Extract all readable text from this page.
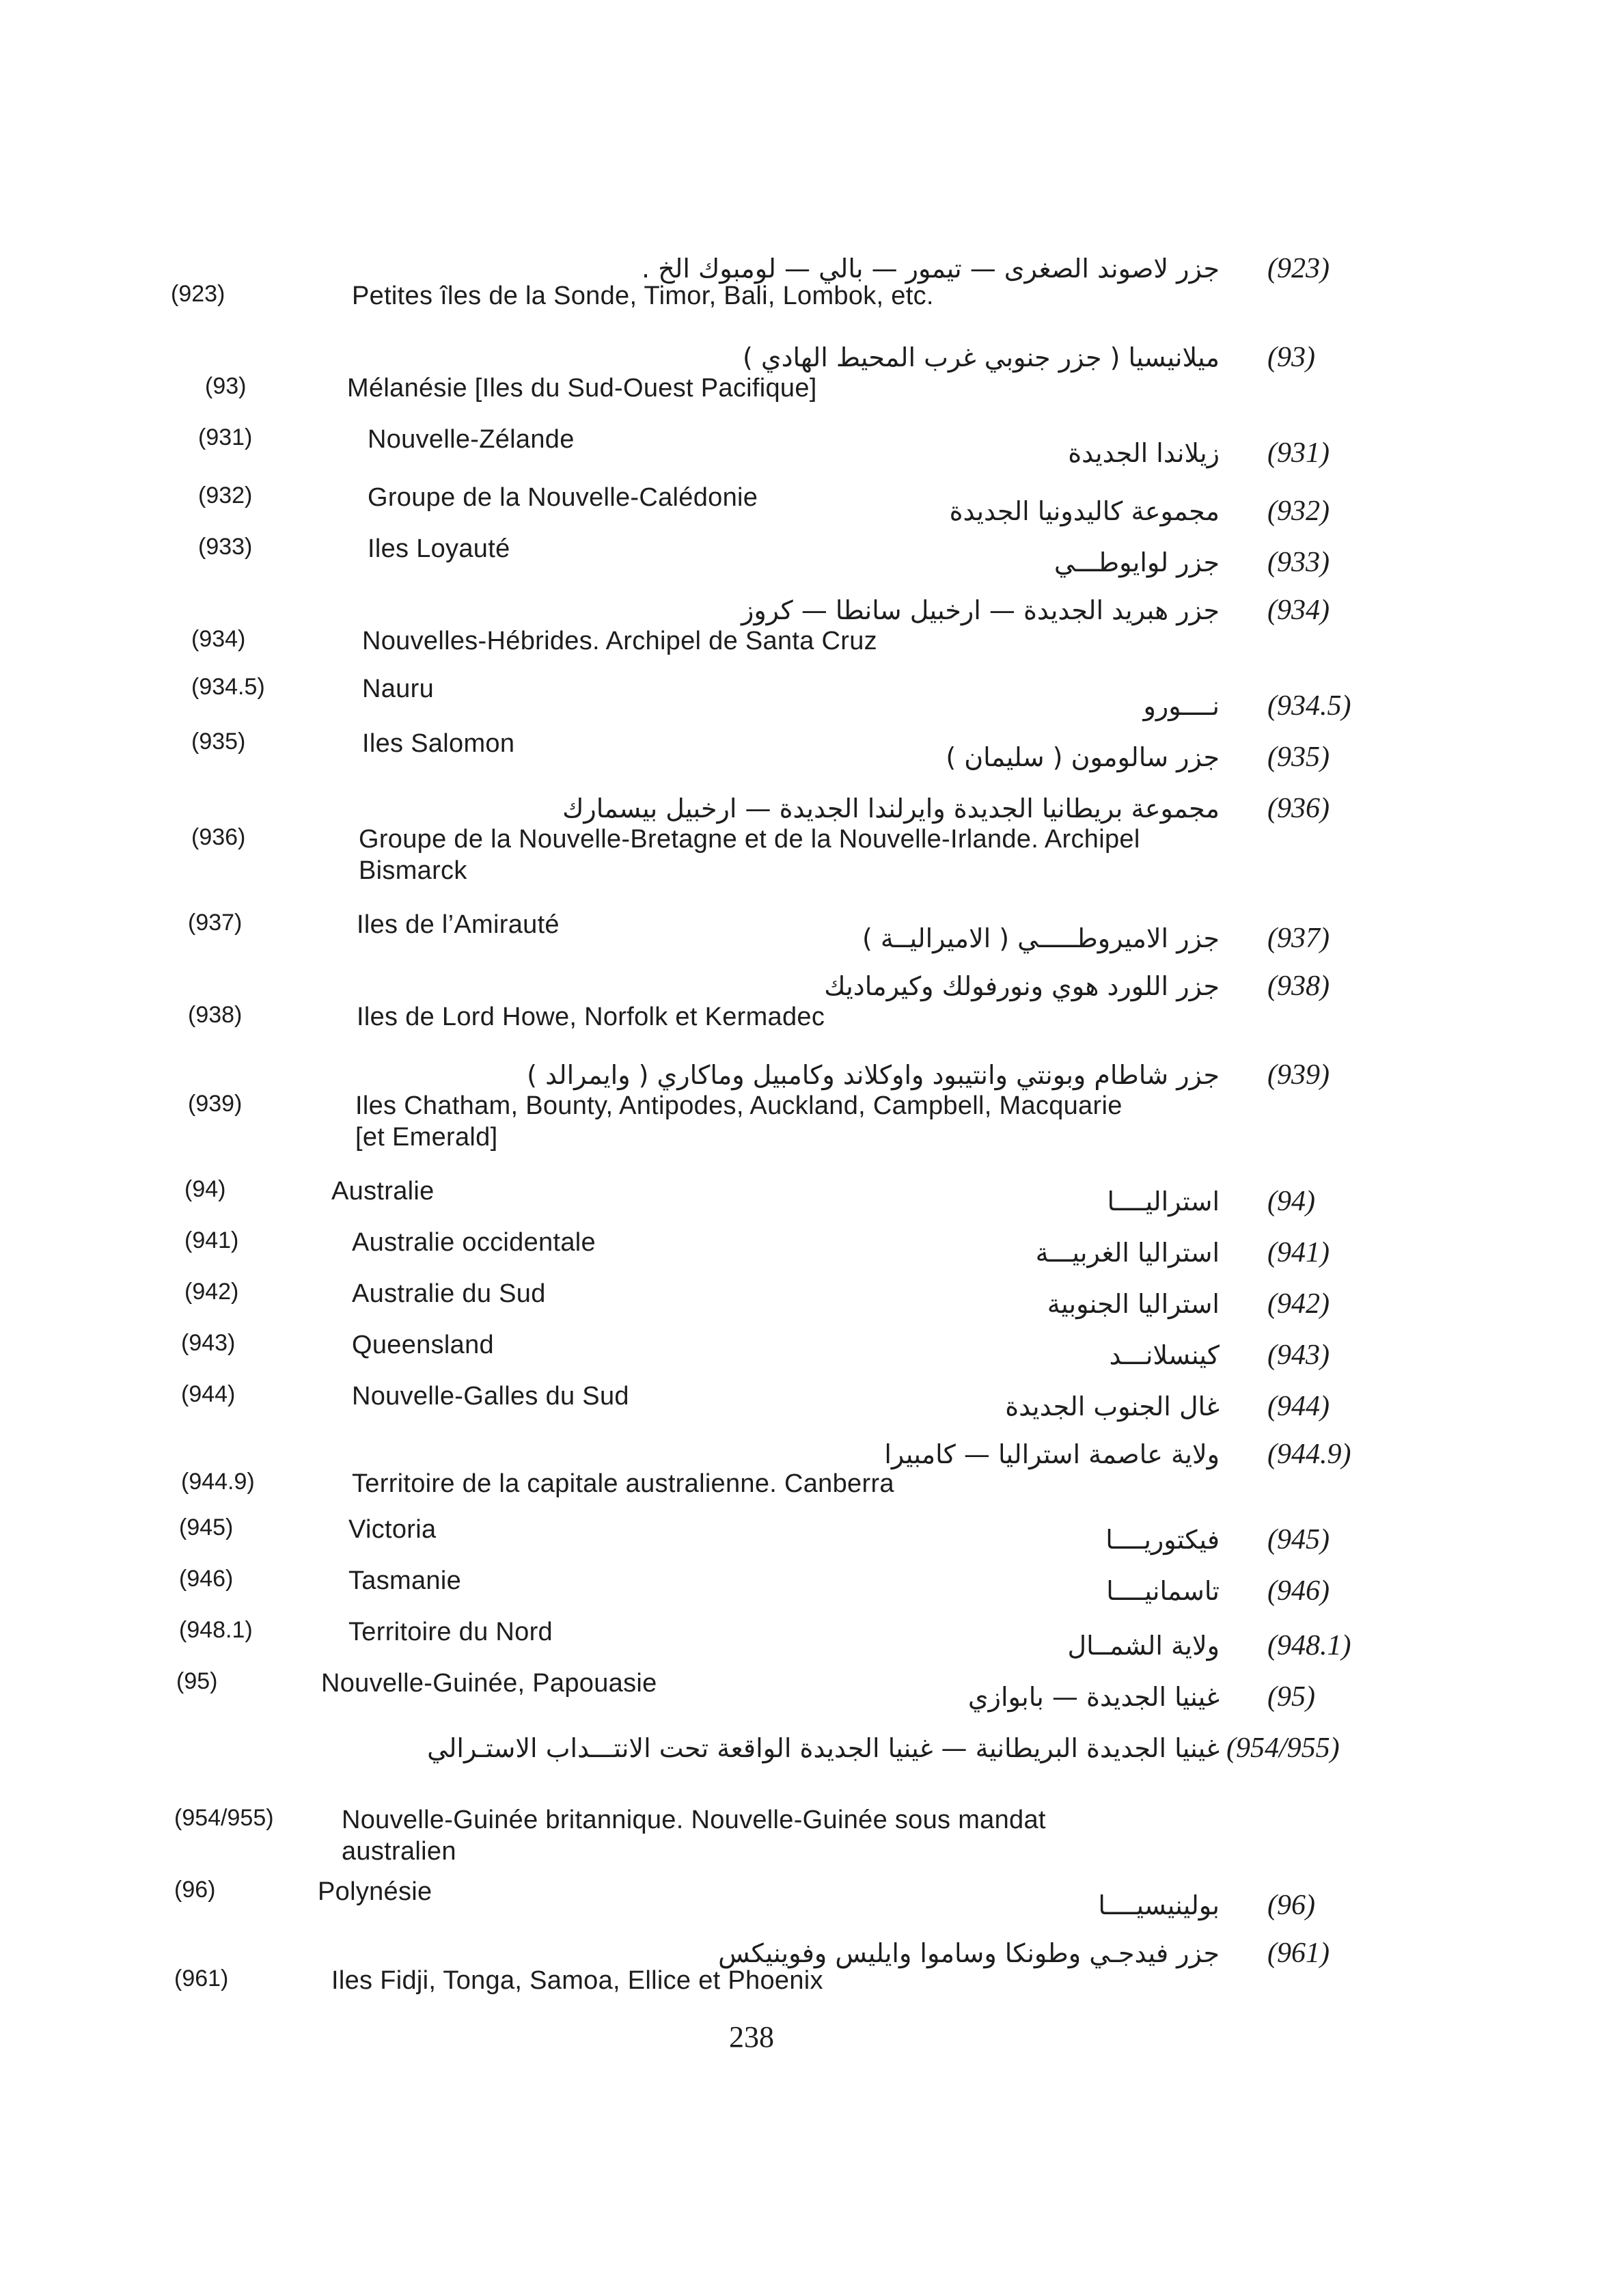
جزر لاصوند الصغرى — تيمور — بالي — لومبوك الخ . (923)
(923)	Petites îles de la Sonde, Timor, Bali, Lombok, etc.
ميلانيسيا ( جزر جنوبي غرب المحيط الهادي ) (93)
(93)	Mélanésie [Iles du Sud-Ouest Pacifique]
(931)	Nouvelle-Zélande	زيلاندا الجديدة (931)
(932)	Groupe de la Nouvelle-Calédonie	مجموعة كاليدونيا الجديدة (932)
(933)	Iles Loyauté	جزر لوايوطـــي (933)
جزر هبريد الجديدة — ارخبيل سانطا — كروز (934)
(934)	Nouvelles-Hébrides. Archipel de Santa Cruz
(934.5)	Nauru
نــــورو (934.5)
(935)	Iles Salomon	جزر سالومون ( سليمان ) (935)
مجموعة بريطانيا الجديدة وايرلندا الجديدة — ارخبيل بيسمارك (936)
(936)	Groupe de la Nouvelle-Bretagne et de la Nouvelle-Irlande. Archipel Bismarck
(937)	Iles de l’Amirauté	جزر الاميروطـــــي ( الاميراليــة ) (937)
جزر اللورد هوي ونورفولك وكيرماديك (938)
(938)	Iles de Lord Howe, Norfolk et Kermadec
جزر شاطام وبونتي وانتيبود واوكلاند وكامبيل وماكاري ( وايمرالد ) (939)
(939)	Iles Chatham, Bounty, Antipodes, Auckland, Campbell, Macquarie [et Emerald]
(94)	Australie	استراليــــا (94)
(941)	Australie occidentale	استراليا الغربيـــة (941)
(942)	Australie du Sud	استراليا الجنوبية (942)
(943)	Queensland	كينسلانـــد (943)
(944)	Nouvelle-Galles du Sud	غال الجنوب الجديدة (944)
ولاية عاصمة استراليا — كامبيرا (944.9)
(944.9)	Territoire de la capitale australienne. Canberra
(945)	Victoria	فيكتوريــــا (945)
(946)	Tasmanie	تاسمانيــــا (946)
(948.1)	Territoire du Nord	ولاية الشمــال (948.1)
(95)	Nouvelle-Guinée, Papouasie	غينيا الجديدة — بابوازي (95)
غينيا الجديدة البريطانية — غينيا الجديدة الواقعة تحت الانتـــداب الاستـرالي (954/955)
(954/955)	Nouvelle-Guinée britannique. Nouvelle-Guinée sous mandat australien
(96)	Polynésie	بولينيسيــــا (96)
جزر فيدجـي وطونكا وساموا وايليس وفوينيكس (961)
(961)	Iles Fidji, Tonga, Samoa, Ellice et Phoenix
238
